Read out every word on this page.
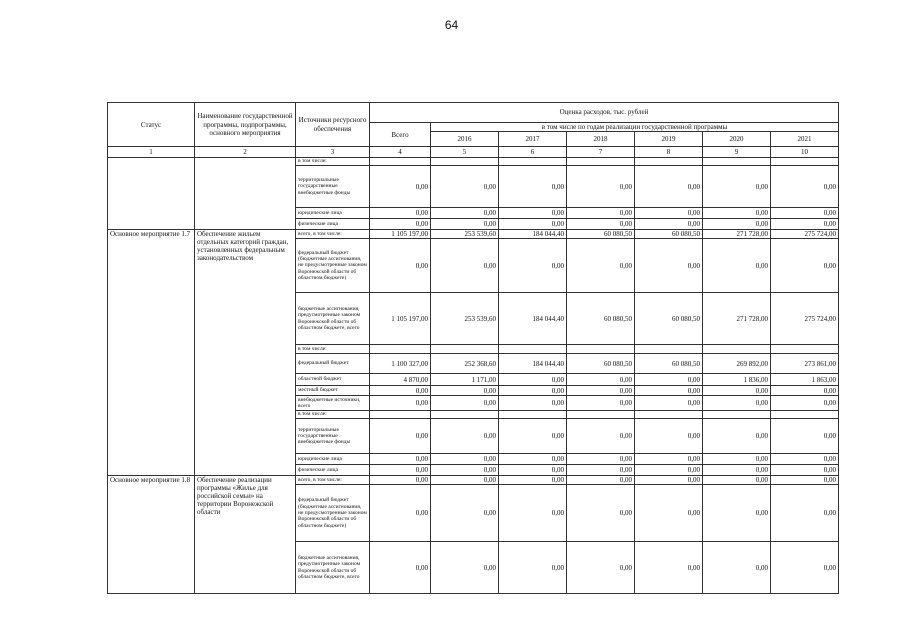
64
Статус	Наименование государственной программы, подпрограммы, основного мероприятия	Источники ресурсного обеспечения	Оценка расходов, тыс. рублей						
			Всего	в том числе по годам реализации государственной программы					
				2016	2017	2018	2019	2020	2021
1	2	3	4	5	6	7	8	9	10
		в том числе:							
		территориальные государственные внебюджетные фонды	0,00	0,00	0,00	0,00	0,00	0,00	0,00
		юридические лица	0,00	0,00	0,00	0,00	0,00	0,00	0,00
		физические лица	0,00	0,00	0,00	0,00	0,00	0,00	0,00
Основное мероприятие 1.7	Обеспечение жильем отдельных категорий граждан, установленных федеральным законодательством	всего, в том числе:	1 105 197,00	253 539,60	184 044,40	60 080,50	60 080,50	271 728,00	275 724,00
		федеральный бюджет (бюджетные ассигнования, не предусмотренные законом Воронежской области об областном бюджете)	0,00	0,00	0,00	0,00	0,00	0,00	0,00
		бюджетные ассигнования, предусмотренные законом Воронежской области об областном бюджете, всего	1 105 197,00	253 539,60	184 044,40	60 080,50	60 080,50	271 728,00	275 724,00
		в том числе:							
		федеральный бюджет	1 100 327,00	252 368,60	184 044,40	60 080,50	60 080,50	269 892,00	273 861,00
		областной бюджет	4 870,00	1 171,00	0,00	0,00	0,00	1 836,00	1 863,00
		местный бюджет	0,00	0,00	0,00	0,00	0,00	0,00	0,00
		внебюджетные источники, всего	0,00	0,00	0,00	0,00	0,00	0,00	0,00
		в том числе:							
		территориальные государственные внебюджетные фонды	0,00	0,00	0,00	0,00	0,00	0,00	0,00
		юридические лица	0,00	0,00	0,00	0,00	0,00	0,00	0,00
		физические лица	0,00	0,00	0,00	0,00	0,00	0,00	0,00
Основное мероприятие 1.8	Обеспечение реализации программы «Жилье для российской семьи» на территории Воронежской области	всего, в том числе:	0,00	0,00	0,00	0,00	0,00	0,00	0,00
		федеральный бюджет (бюджетные ассигнования, не предусмотренные законом Воронежской области об областном бюджете)	0,00	0,00	0,00	0,00	0,00	0,00	0,00
		бюджетные ассигнования, предусмотренные законом Воронежской области об областном бюджете, всего	0,00	0,00	0,00	0,00	0,00	0,00	0,00
